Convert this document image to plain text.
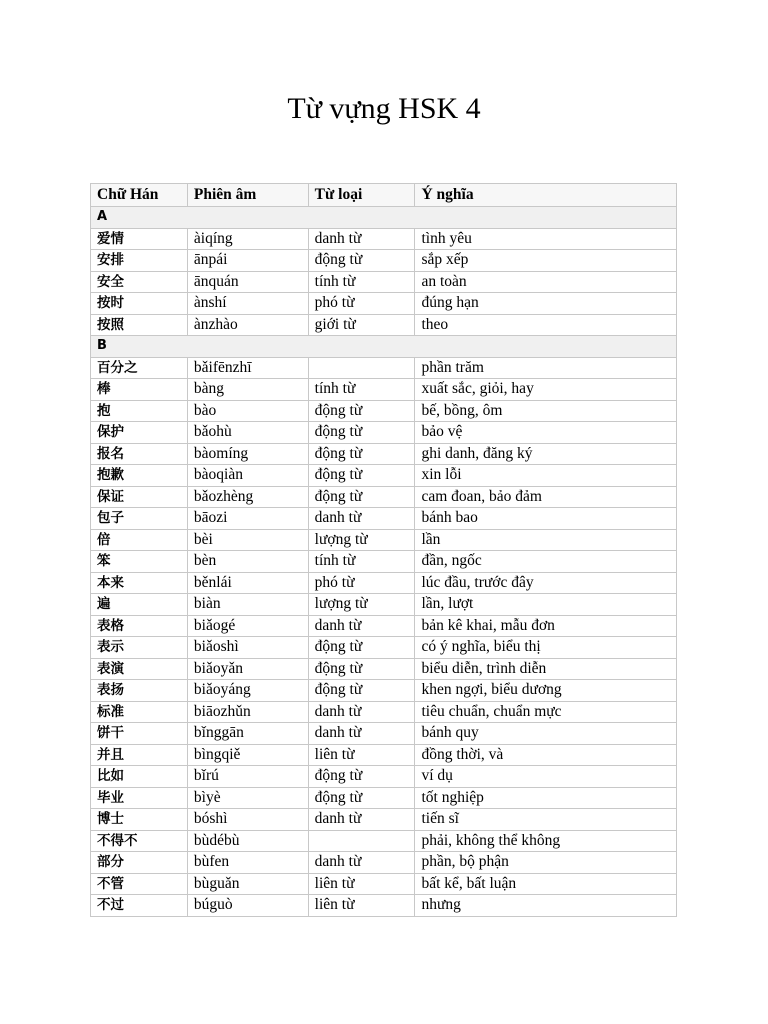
Từ vựng HSK 4
Chữ Hán	Phiên âm	Từ loại	Ý nghĩa
A			
爱情	àiqíng	danh từ	tình yêu
安排	ānpái	động từ	sắp xếp
安全	ānquán	tính từ	an toàn
按时	ànshí	phó từ	đúng hạn
按照	ànzhào	giới từ	theo
B			
百分之	bǎifēnzhī		phần trăm
棒	bàng	tính từ	xuất sắc, giỏi, hay
抱	bào	động từ	bế, bồng, ôm
保护	bǎohù	động từ	bảo vệ
报名	bàomíng	động từ	ghi danh, đăng ký
抱歉	bàoqiàn	động từ	xin lỗi
保证	bǎozhèng	động từ	cam đoan, bảo đảm
包子	bāozi	danh từ	bánh bao
倍	bèi	lượng từ	lần
笨	bèn	tính từ	đần, ngốc
本来	běnlái	phó từ	lúc đầu, trước đây
遍	biàn	lượng từ	lần, lượt
表格	biǎogé	danh từ	bản kê khai, mẫu đơn
表示	biǎoshì	động từ	có ý nghĩa, biểu thị
表演	biǎoyǎn	động từ	biểu diễn, trình diễn
表扬	biǎoyáng	động từ	khen ngợi, biểu dương
标准	biāozhǔn	danh từ	tiêu chuẩn, chuẩn mực
饼干	bǐnggān	danh từ	bánh quy
并且	bìngqiě	liên từ	đồng thời, và
比如	bǐrú	động từ	ví dụ
毕业	bìyè	động từ	tốt nghiệp
博士	bóshì	danh từ	tiến sĩ
不得不	bùdébù		phải, không thể không
部分	bùfen	danh từ	phần, bộ phận
不管	bùguǎn	liên từ	bất kể, bất luận
不过	búguò	liên từ	nhưng
